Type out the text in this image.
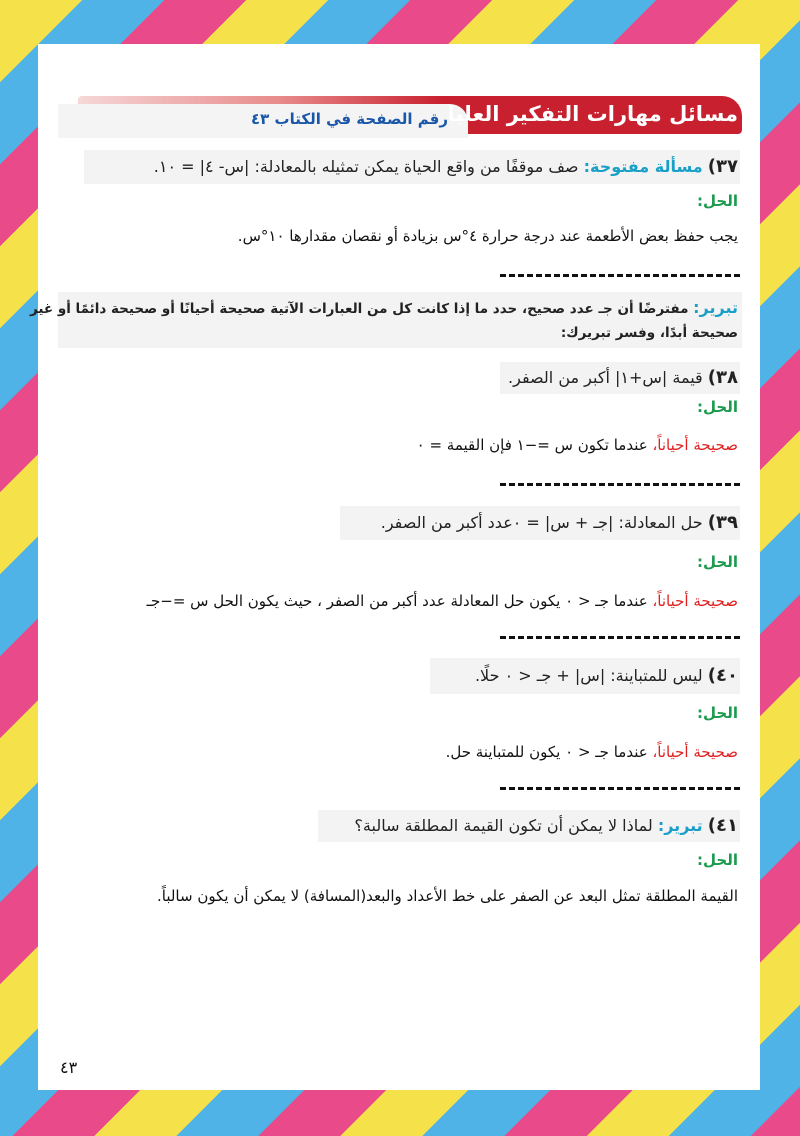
مسائل مهارات التفكير العليا
رقم الصفحة في الكتاب ٤٣
٣٧) مسألة مفتوحة: صف موقفًا من واقع الحياة يمكن تمثيله بالمعادلة: |س- ٤| = ١٠.
الحل:
يجب حفظ بعض الأطعمة عند درجة حرارة ٤°س بزيادة أو نقصان مقدارها ١٠°س.
تبرير: مفترضًا أن جـ عدد صحيح، حدد ما إذا كانت كل من العبارات الآتية صحيحة أحيانًا أو صحيحة دائمًا أو غير
صحيحة أبدًا، وفسر تبريرك:
٣٨) قيمة |س+١| أكبر من الصفر.
الحل:
صحيحة أحياناً، عندما تكون س =−١ فإن القيمة = ٠
٣٩) حل المعادلة: |جـ + س| = ٠عدد أكبر من الصفر.
الحل:
صحيحة أحياناً، عندما جـ < ٠ يكون حل المعادلة عدد أكبر من الصفر ، حيث يكون الحل س =−جـ
٤٠) ليس للمتباينة: |س| + جـ < ٠ حلًا.
الحل:
صحيحة أحياناً، عندما جـ < ٠ يكون للمتباينة حل.
٤١) تبرير: لماذا لا يمكن أن تكون القيمة المطلقة سالبة؟
الحل:
القيمة المطلقة تمثل البعد عن الصفر على خط الأعداد والبعد(المسافة) لا يمكن أن يكون سالباً.
٤٣
